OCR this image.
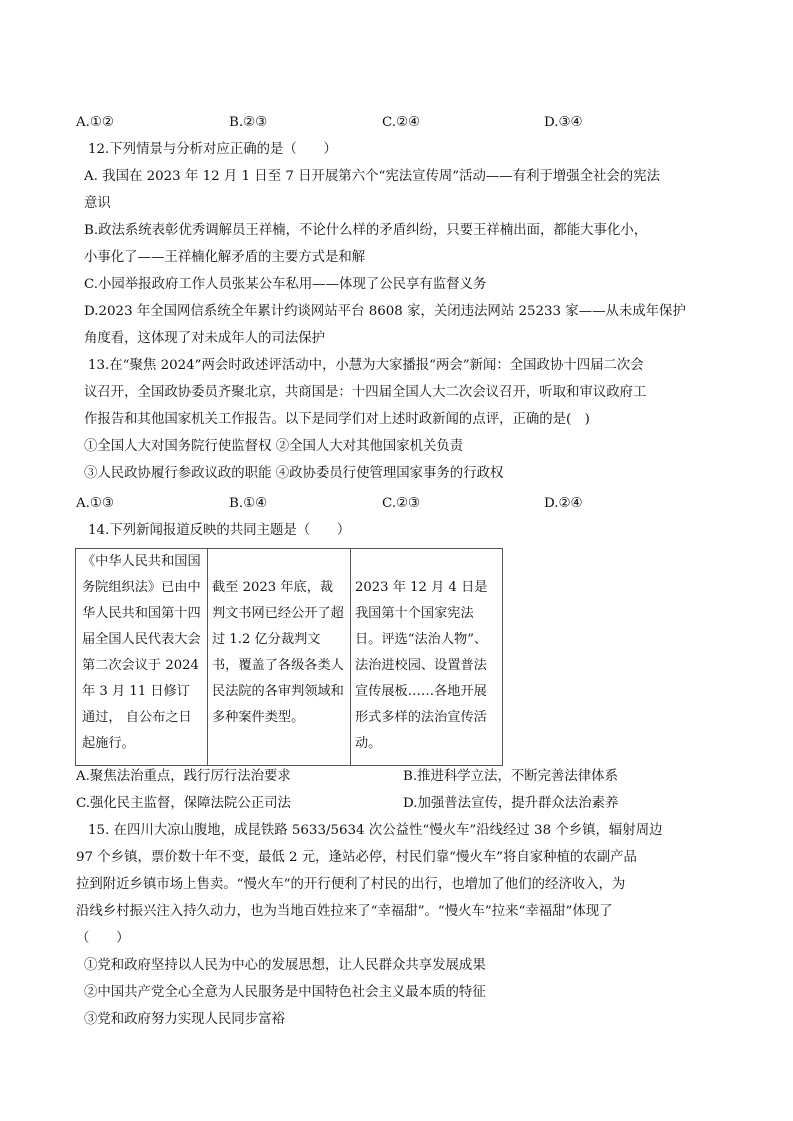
A.①②	B.②③	C.②④	D.③④
12.下列情景与分析对应正确的是（　　）
A. 我国在 2023 年 12 月 1 日至 7 日开展第六个“宪法宣传周”活动——有利于增强全社会的宪法
意识
B.政法系统表彰优秀调解员王祥楠，不论什么样的矛盾纠纷，只要王祥楠出面，都能大事化小，
小事化了——王祥楠化解矛盾的主要方式是和解
C.小园举报政府工作人员张某公车私用——体现了公民享有监督义务
D.2023 年全国网信系统全年累计约谈网站平台 8608 家，关闭违法网站 25233 家——从未成年保护
角度看，这体现了对未成年人的司法保护
13.在“聚焦 2024”两会时政述评活动中，小慧为大家播报“两会”新闻：全国政协十四届二次会
议召开，全国政协委员齐聚北京，共商国是：十四届全国人大二次会议召开，听取和审议政府工
作报告和其他国家机关工作报告。以下是同学们对上述时政新闻的点评，正确的是(　)
①全国人大对国务院行使监督权 ②全国人大对其他国家机关负责
③人民政协履行参政议政的职能 ④政协委员行使管理国家事务的行政权
A.①③	B.①④	C.②③	D.②④
14.下列新闻报道反映的共同主题是（　　）
《中华人民共和国国务院组织法》已由中华人民共和国第十四届全国人民代表大会第二次会议于 2024 年 3 月 11 日修订通过， 自公布之日起施行。	截至 2023 年底，裁判文书网已经公开了超过 1.2 亿分裁判文书，覆盖了各级各类人民法院的各审判领域和多种案件类型。	2023 年 12 月 4 日是我国第十个国家宪法日。评选“法治人物”、法治进校园、设置普法宣传展板……各地开展形式多样的法治宣传活动。
A.聚焦法治重点，践行厉行法治要求	B.推进科学立法，不断完善法律体系
C.强化民主监督，保障法院公正司法	D.加强普法宣传，提升群众法治素养
15. 在四川大凉山腹地，成昆铁路 5633/5634 次公益性“慢火车”沿线经过 38 个乡镇，辐射周边
97 个乡镇，票价数十年不变，最低 2 元，逢站必停，村民们靠“慢火车”将自家种植的农副产品
拉到附近乡镇市场上售卖。“慢火车”的开行便利了村民的出行，也增加了他们的经济收入，为
沿线乡村振兴注入持久动力，也为当地百姓拉来了“幸福甜”。“慢火车”拉来“幸福甜”体现了
（　　）
①党和政府坚持以人民为中心的发展思想，让人民群众共享发展成果
②中国共产党全心全意为人民服务是中国特色社会主义最本质的特征
③党和政府努力实现人民同步富裕
